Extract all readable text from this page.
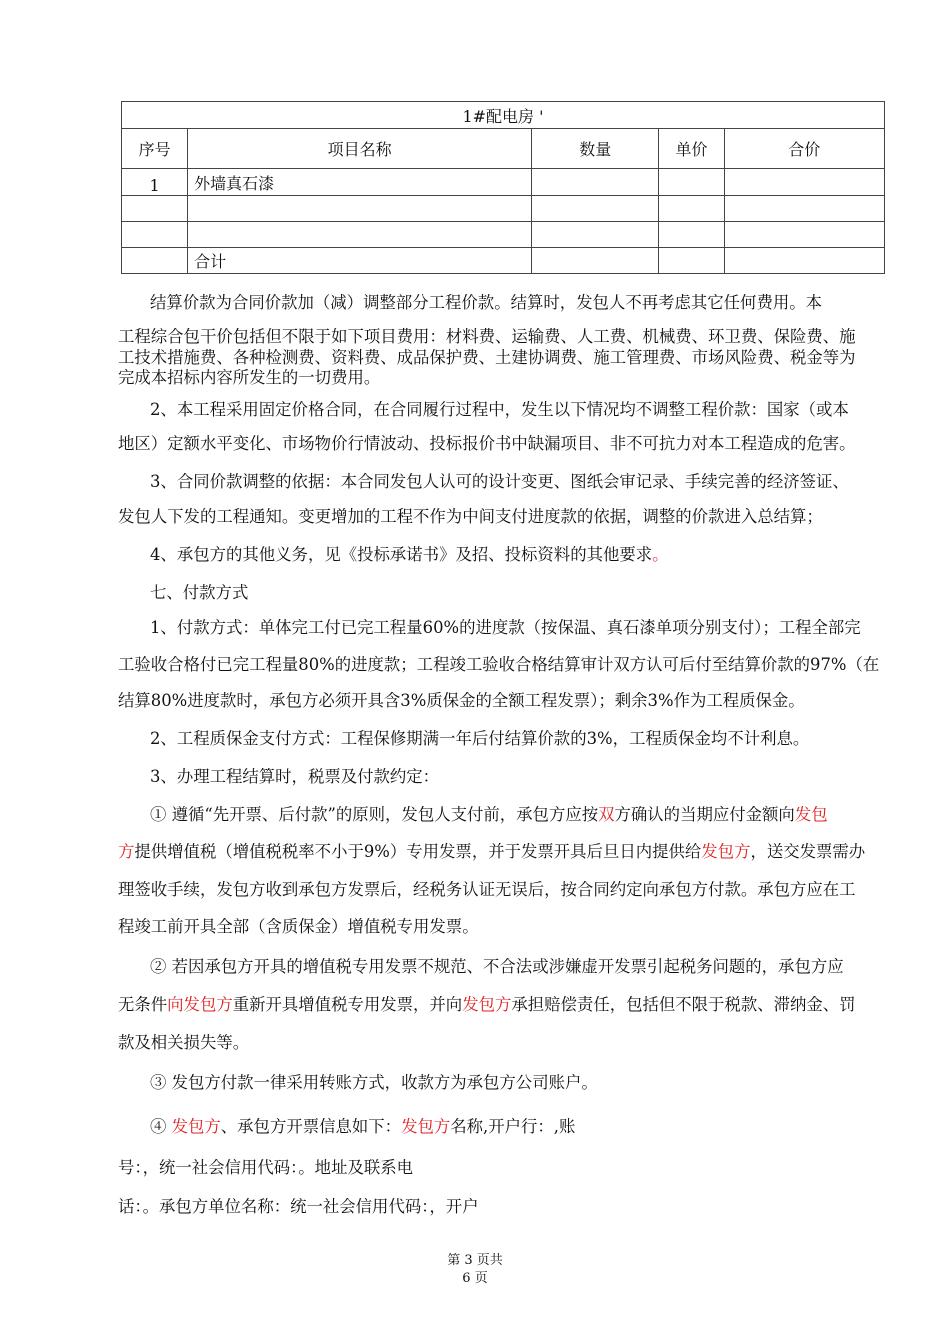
1#配电房 '				
序号	项目名称	数量	单价	合价
1	外墙真石漆			

	合计			

结算价款为合同价款加（减）调整部分工程价款。结算时，发包人不再考虑其它任何费用。本

工程综合包干价包括但不限于如下项目费用：材料费、运输费、人工费、机械费、环卫费、保险费、施

工技术措施费、各种检测费、资料费、成品保护费、土建协调费、施工管理费、市场风险费、税金等为

完成本招标内容所发生的一切费用。

2、本工程采用固定价格合同，在合同履行过程中，发生以下情况均不调整工程价款：国家（或本

地区）定额水平变化、市场物价行情波动、投标报价书中缺漏项目、非不可抗力对本工程造成的危害。

3、合同价款调整的依据：本合同发包人认可的设计变更、图纸会审记录、手续完善的经济签证、

发包人下发的工程通知。变更增加的工程不作为中间支付进度款的依据，调整的价款进入总结算；

4、承包方的其他义务，见《投标承诺书》及招、投标资料的其他要求。

七、付款方式

1、付款方式：单体完工付已完工程量60%的进度款（按保温、真石漆单项分别支付）；工程全部完

工验收合格付已完工程量80%的进度款；工程竣工验收合格结算审计双方认可后付至结算价款的97%（在

结算80%进度款时，承包方必须开具含3%质保金的全额工程发票）；剩余3%作为工程质保金。

2、工程质保金支付方式：工程保修期满一年后付结算价款的3%，工程质保金均不计利息。

3、办理工程结算时，税票及付款约定：

① 遵循“先开票、后付款”的原则，发包人支付前，承包方应按双方确认的当期应付金额向发包

方提供增值税（增值税税率不小于9%）专用发票，并于发票开具后旦日内提供给发包方，送交发票需办

理签收手续，发包方收到承包方发票后，经税务认证无误后，按合同约定向承包方付款。承包方应在工

程竣工前开具全部（含质保金）增值税专用发票。

② 若因承包方开具的增值税专用发票不规范、不合法或涉嫌虚开发票引起税务问题的，承包方应

无条件向发包方重新开具增值税专用发票，并向发包方承担赔偿责任，包括但不限于税款、滞纳金、罚

款及相关损失等。

③ 发包方付款一律采用转账方式，收款方为承包方公司账户。

④ 发包方、承包方开票信息如下：发包方名称,开户行：,账

号：，统一社会信用代码：。地址及联系电

话：。承包方单位名称：统一社会信用代码：，开户

第 3 页共
6 页
